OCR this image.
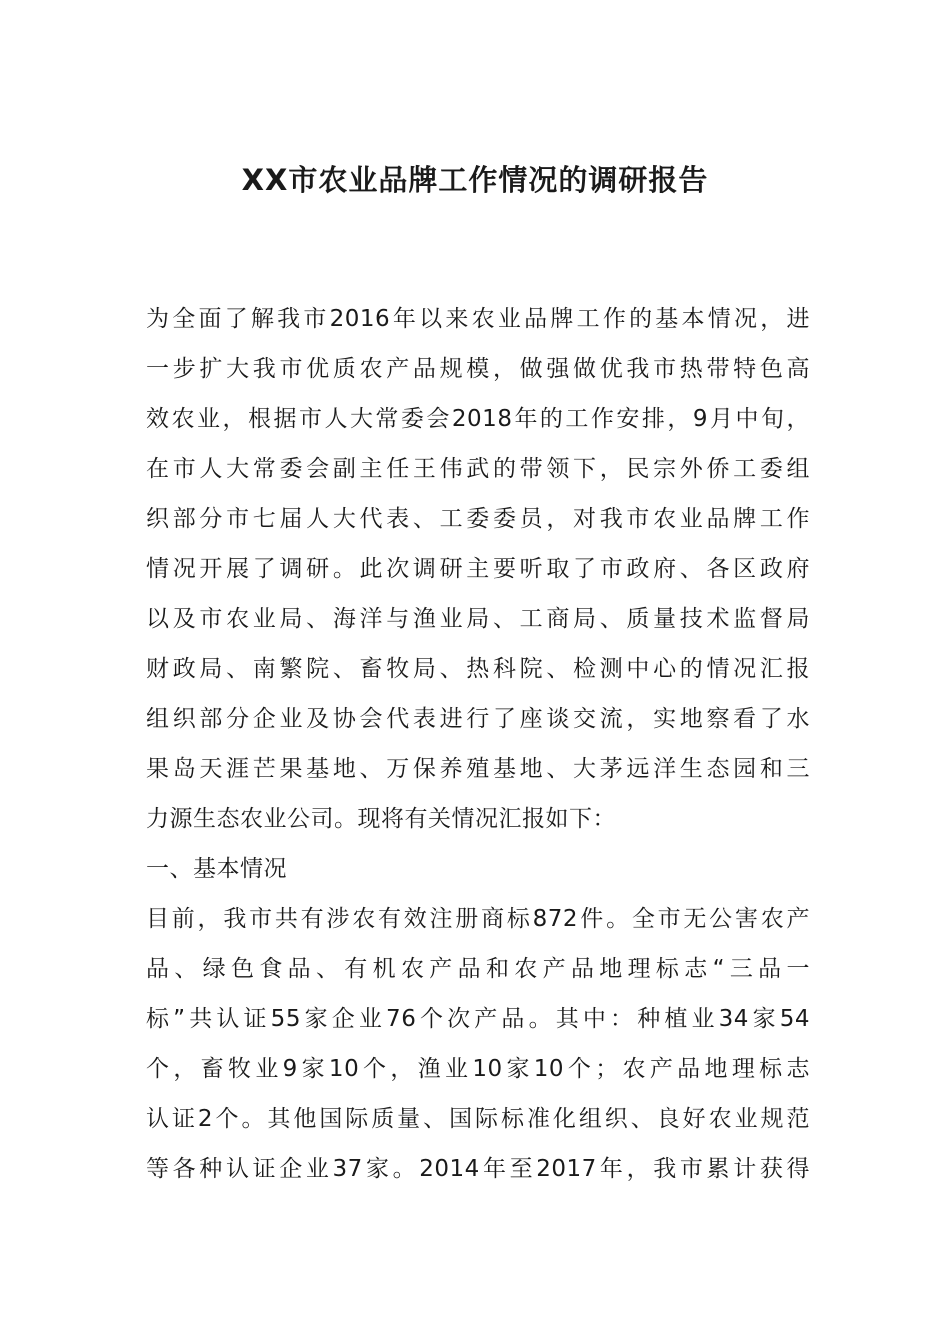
XX市农业品牌工作情况的调研报告
为全面了解我市2016年以来农业品牌工作的基本情况，进
一步扩大我市优质农产品规模，做强做优我市热带特色高
效农业，根据市人大常委会2018年的工作安排，9月中旬，
在市人大常委会副主任王伟武的带领下，民宗外侨工委组
织部分市七届人大代表、工委委员，对我市农业品牌工作
情况开展了调研。此次调研主要听取了市政府、各区政府
以及市农业局、海洋与渔业局、工商局、质量技术监督局
财政局、南繁院、畜牧局、热科院、检测中心的情况汇报
组织部分企业及协会代表进行了座谈交流，实地察看了水
果岛天涯芒果基地、万保养殖基地、大茅远洋生态园和三
力源生态农业公司。现将有关情况汇报如下：
一、基本情况
目前，我市共有涉农有效注册商标872件。全市无公害农产
品、绿色食品、有机农产品和农产品地理标志“三品一
标”共认证55家企业76个次产品。其中：种植业34家54
个，畜牧业9家10个，渔业10家10个；农产品地理标志
认证2个。其他国际质量、国际标准化组织、良好农业规范
等各种认证企业37家。2014年至2017年，我市累计获得
